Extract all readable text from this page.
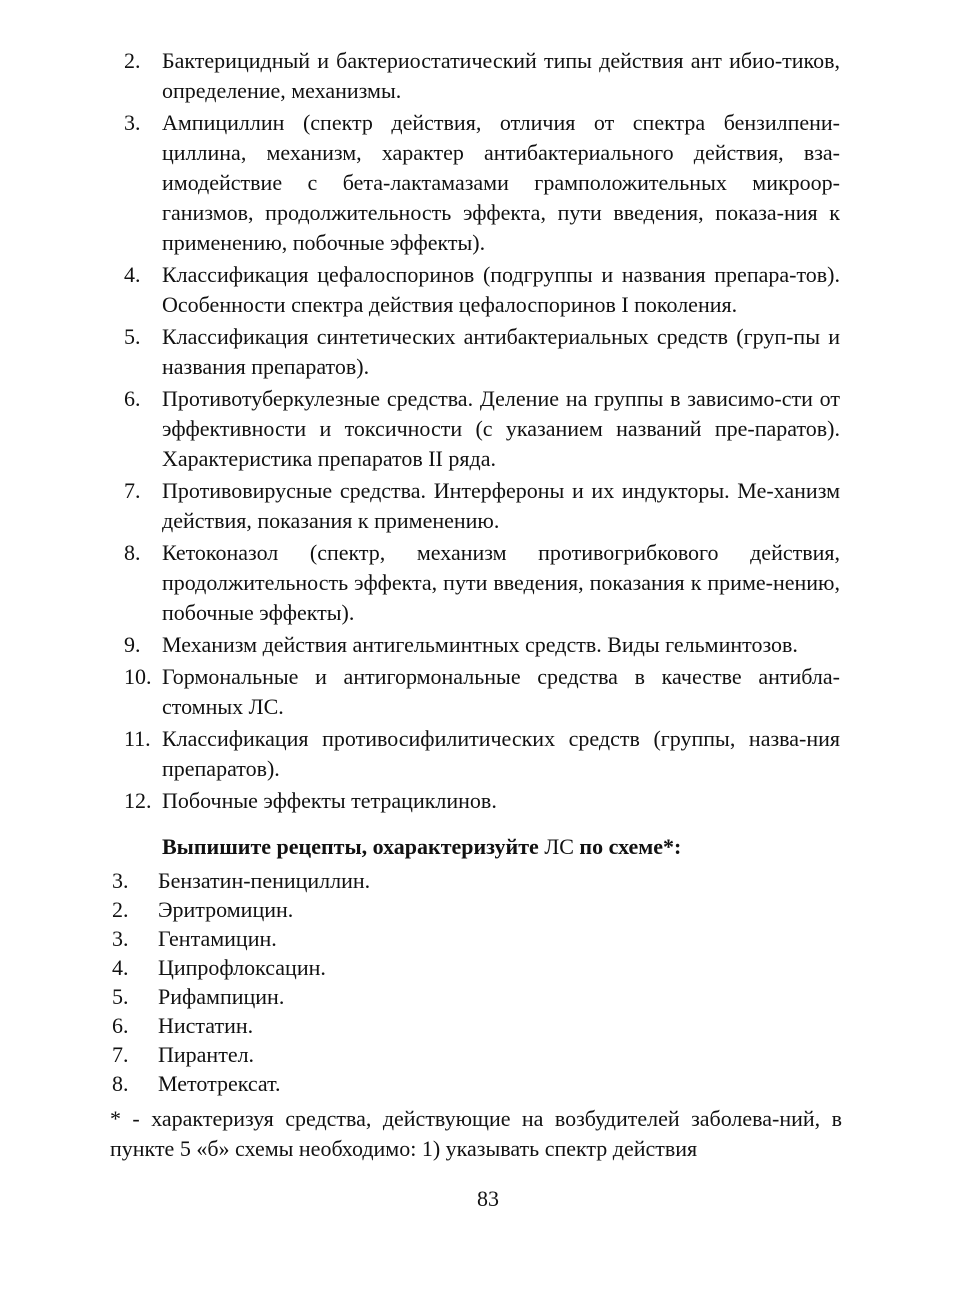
2. Бактерицидный и бактериостатический типы действия ант ибио-тиков, определение, механизмы.
3. Ампициллин (спектр действия, отличия от спектра бензилпени-циллина, механизм, характер антибактериального действия, вза-имодействие с бета-лактамазами грамположительных микроор-ганизмов, продолжительность эффекта, пути введения, показа-ния к применению, побочные эффекты).
4. Классификация цефалоспоринов (подгруппы и названия препара-тов). Особенности спектра действия цефалоспоринов I поколения.
5. Классификация синтетических антибактериальных средств (груп-пы и названия препаратов).
6. Противотуберкулезные средства. Деление на группы в зависимо-сти от эффективности и токсичности (с указанием названий пре-паратов). Характеристика препаратов II ряда.
7. Противовирусные средства. Интерфероны и их индукторы. Ме-ханизм действия, показания к применению.
8. Кетоконазол (спектр, механизм противогрибкового действия, продолжительность эффекта, пути введения, показания к приме-нению, побочные эффекты).
9. Механизм действия антигельминтных средств. Виды гельминтозов.
10. Гормональные и антигормональные средства в качестве антибла-стомных ЛС.
11. Классификация противосифилитических средств (группы, назва-ния препаратов).
12. Побочные эффекты тетрациклинов.
Выпишите рецепты, охарактеризуйте ЛС по схеме*:
3.	Бензатин-пенициллин.
2.	Эритромицин.
3.	Гентамицин.
4.	Ципрофлоксацин.
5.	Рифампицин.
6.	Нистатин.
7.	Пирантел.
8.	Метотрексат.
* - характеризуя средства, действующие на возбудителей заболева-ний, в пункте 5 «б» схемы необходимо: 1) указывать спектр действия
83
